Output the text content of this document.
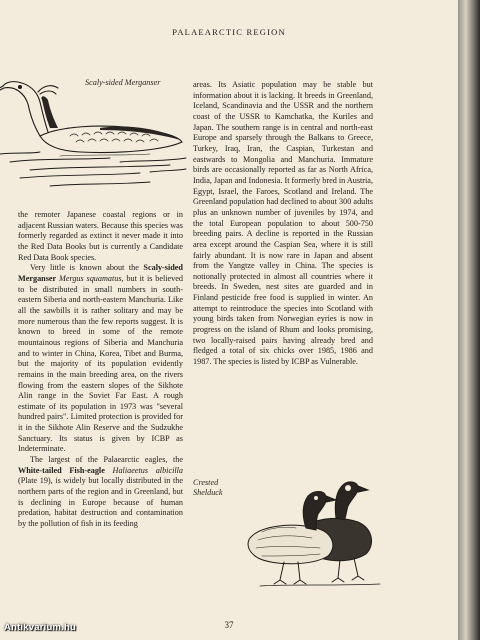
PALAEARCTIC REGION
Scaly-sided Merganser

the remoter Japanese coastal regions or in adjacent Russian waters. Because this species was formerly regarded as extinct it never made it into the Red Data Books but is currently a Candidate Red Data Book species.

Very little is known about the Scaly-sided Merganser Mergus squamatus, but it is believed to be distributed in small numbers in south-eastern Siberia and north-eastern Manchuria. Like all the sawbills it is rather solitary and may be more numerous than the few reports suggest. It is known to breed in some of the remote mountainous regions of Siberia and Manchuria and to winter in China, Korea, Tibet and Burma, but the majority of its population evidently remains in the main breeding area, on the rivers flowing from the eastern slopes of the Sikhote Alin range in the Soviet Far East. A rough estimate of its population in 1973 was "several hundred pairs". Limited protection is provided for it in the Sikhote Alin Reserve and the Sudzukhe Sanctuary. Its status is given by ICBP as Indeterminate.

The largest of the Palaearctic eagles, the White-tailed Fish-eagle Haliaeetus albicilla (Plate 19), is widely but locally distributed in the northern parts of the region and in Greenland, but is declining in Europe because of human predation, habitat destruction and contamination by the pollution of fish in its feeding

areas. Its Asiatic population may be stable but information about it is lacking. It breeds in Greenland, Iceland, Scandinavia and the USSR and the northern coast of the USSR to Kamchatka, the Kuriles and Japan. The southern range is in central and north-east Europe and sparsely through the Balkans to Greece, Turkey, Iraq, Iran, the Caspian, Turkestan and eastwards to Mongolia and Manchuria. Immature birds are occasionally reported as far as North Africa, India, Japan and Indonesia. It formerly bred in Austria, Egypt, Israel, the Faroes, Scotland and Ireland. The Greenland population had declined to about 300 adults plus an unknown number of juveniles by 1974, and the total European population to about 500-750 breeding pairs. A decline is reported in the Russian area except around the Caspian Sea, where it is still fairly abundant. It is now rare in Japan and absent from the Yangtze valley in China. The species is notionally protected in almost all countries where it breeds. In Sweden, nest sites are guarded and in Finland pesticide free food is supplied in winter. An attempt to reintroduce the species into Scotland with young birds taken from Norwegian eyries is now in progress on the island of Rhum and looks promising, two locally-raised pairs having already bred and fledged a total of six chicks over 1985, 1986 and 1987. The species is listed by ICBP as Vulnerable.

Crested
Shelduck
37
Antikvarium.hu
